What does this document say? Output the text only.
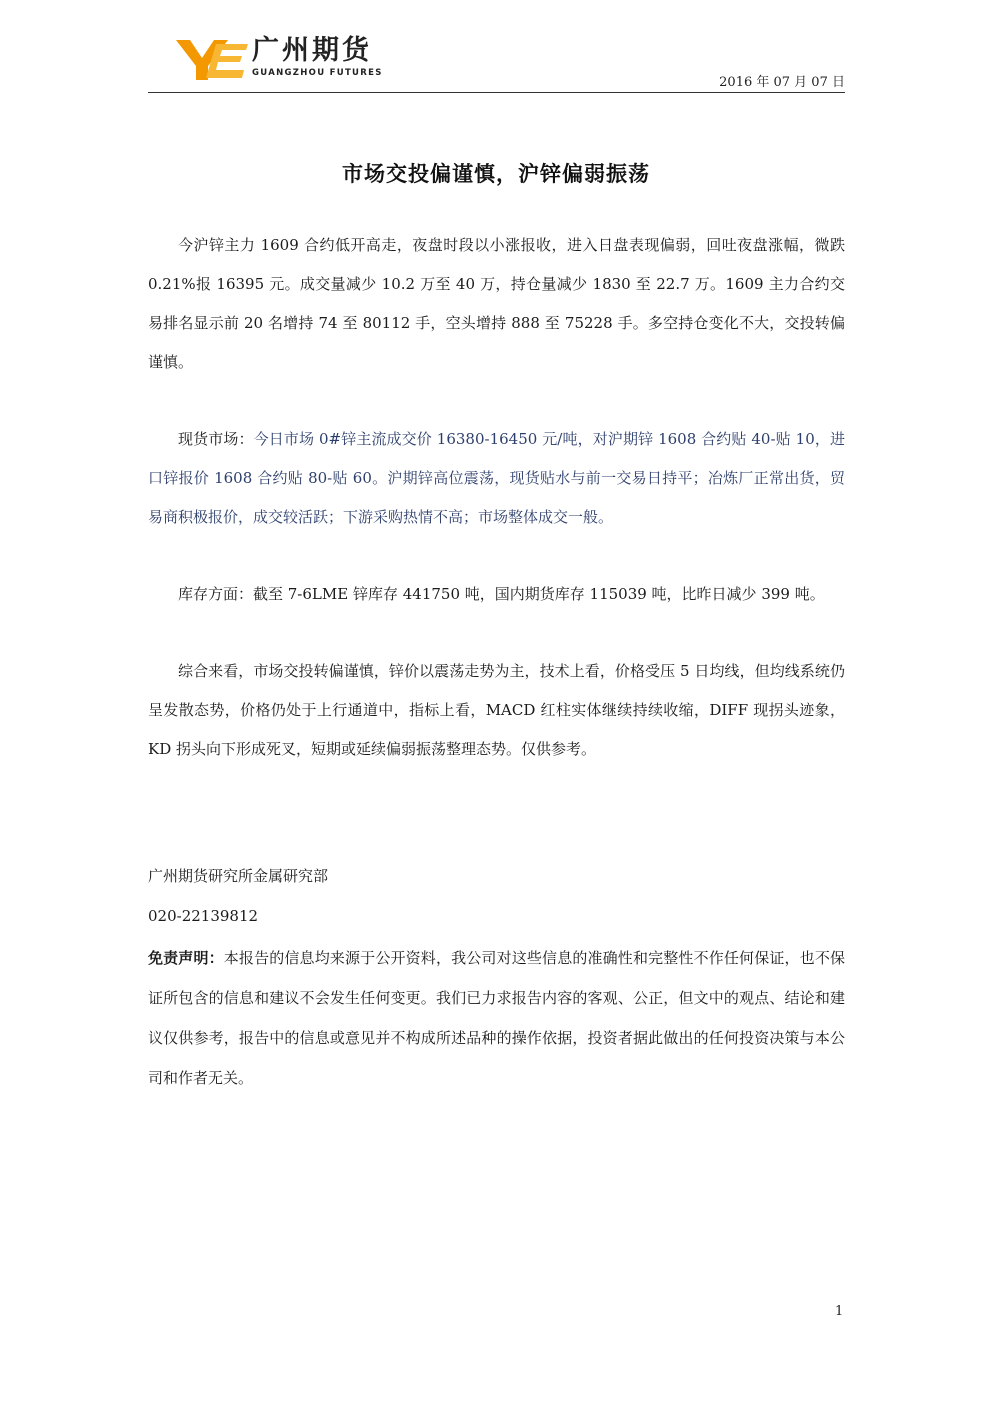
广州期货
GUANGZHOU FUTURES
2016 年 07 月 07 日
市场交投偏谨慎，沪锌偏弱振荡

今沪锌主力 1609 合约低开高走，夜盘时段以小涨报收，进入日盘表现偏弱，回吐夜盘涨幅，微跌 0.21%报 16395 元。成交量减少 10.2 万至 40 万，持仓量减少 1830 至 22.7 万。1609 主力合约交易排名显示前 20 名增持 74 至 80112 手，空头增持 888 至 75228 手。多空持仓变化不大，交投转偏谨慎。

现货市场：今日市场 0#锌主流成交价 16380-16450 元/吨，对沪期锌 1608 合约贴 40-贴 10，进口锌报价 1608 合约贴 80-贴 60。沪期锌高位震荡，现货贴水与前一交易日持平；冶炼厂正常出货，贸易商积极报价，成交较活跃；下游采购热情不高；市场整体成交一般。

库存方面：截至 7-6LME 锌库存 441750 吨，国内期货库存 115039 吨，比昨日减少 399 吨。

综合来看，市场交投转偏谨慎，锌价以震荡走势为主，技术上看，价格受压 5 日均线，但均线系统仍呈发散态势，价格仍处于上行通道中，指标上看，MACD 红柱实体继续持续收缩，DIFF 现拐头迹象，KD 拐头向下形成死叉，短期或延续偏弱振荡整理态势。仅供参考。

广州期货研究所金属研究部
020-22139812
免责声明：本报告的信息均来源于公开资料，我公司对这些信息的准确性和完整性不作任何保证，也不保证所包含的信息和建议不会发生任何变更。我们已力求报告内容的客观、公正，但文中的观点、结论和建议仅供参考，报告中的信息或意见并不构成所述品种的操作依据，投资者据此做出的任何投资决策与本公司和作者无关。
1
